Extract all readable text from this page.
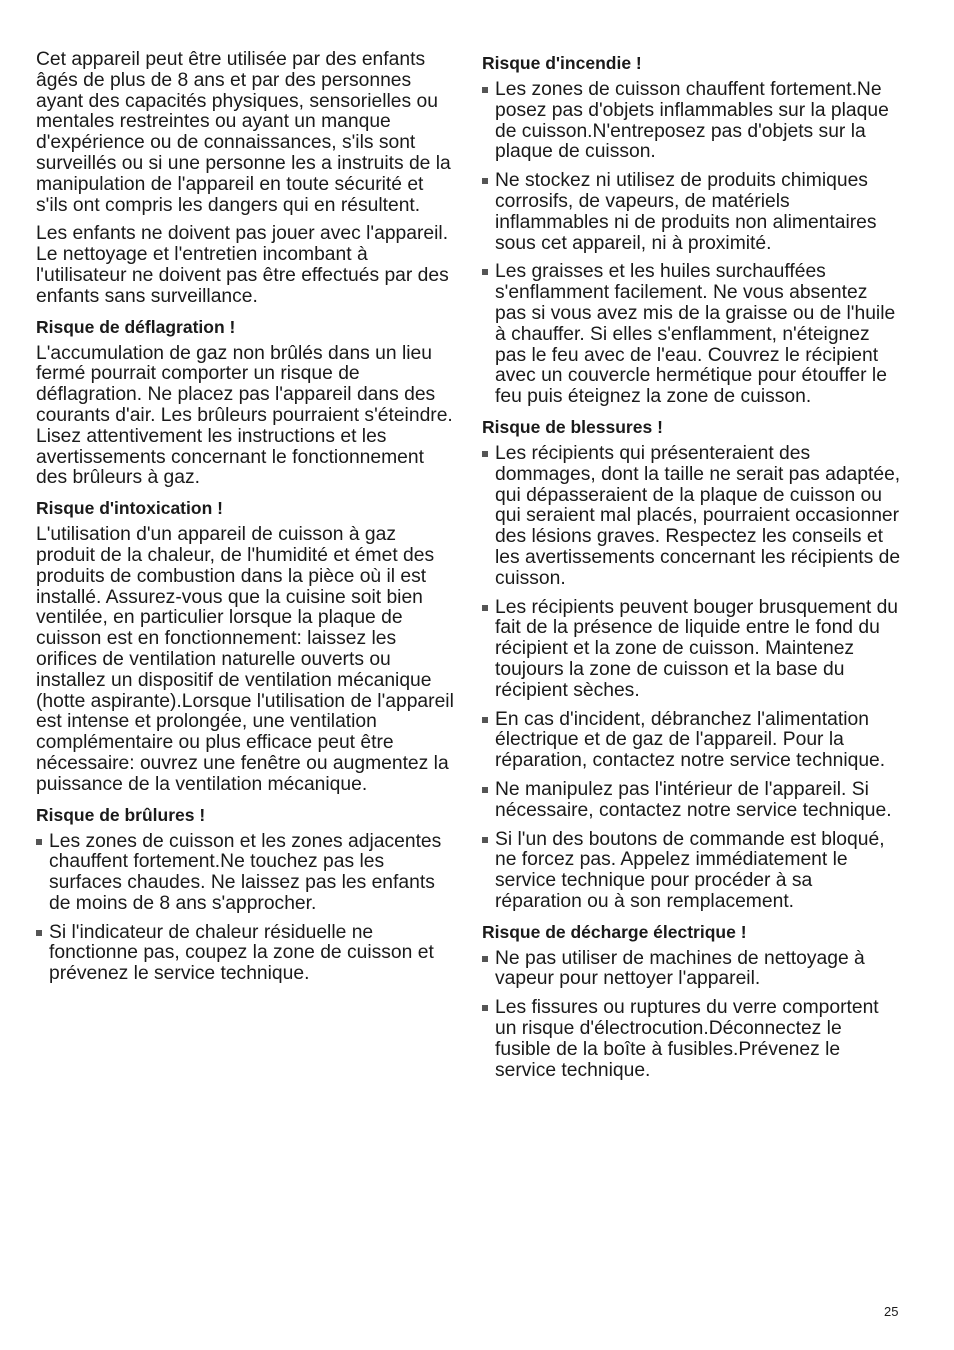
Cet appareil peut être utilisée par des enfants âgés de plus de 8 ans et par des personnes ayant des capacités physiques, sensorielles ou mentales restreintes ou ayant un manque d'expérience ou de connaissances, s'ils sont surveillés ou si une personne les a instruits de la manipulation de l'appareil en toute sécurité et s'ils ont compris les dangers qui en résultent.

Les enfants ne doivent pas jouer avec l'appareil. Le nettoyage et l'entretien incombant à l'utilisateur ne doivent pas être effectués par des enfants sans surveillance.

Risque de déflagration !

L'accumulation de gaz non brûlés dans un lieu fermé pourrait comporter un risque de déflagration. Ne placez pas l'appareil dans des courants d'air. Les brûleurs pourraient s'éteindre. Lisez attentivement les instructions et les avertissements concernant le fonctionnement des brûleurs à gaz.

Risque d'intoxication !

L'utilisation d'un appareil de cuisson à gaz produit de la chaleur, de l'humidité et émet des produits de combustion dans la pièce où il est installé. Assurez-vous que la cuisine soit bien ventilée, en particulier lorsque la plaque de cuisson est en fonctionnement: laissez les orifices de ventilation naturelle ouverts ou installez un dispositif de ventilation mécanique (hotte aspirante).Lorsque l'utilisation de l'appareil est intense et prolongée, une ventilation complémentaire ou plus efficace peut être nécessaire: ouvrez une fenêtre ou augmentez la puissance de la ventilation mécanique.

Risque de brûlures !
Les zones de cuisson et les zones adjacentes chauffent fortement.Ne touchez pas les surfaces chaudes. Ne laissez pas les enfants de moins de 8 ans s'approcher.
Si l'indicateur de chaleur résiduelle ne fonctionne pas, coupez la zone de cuisson et prévenez le service technique.
Risque d'incendie !
Les zones de cuisson chauffent fortement.Ne posez pas d'objets inflammables sur la plaque de cuisson.N'entreposez pas d'objets sur la plaque de cuisson.
Ne stockez ni utilisez de produits chimiques corrosifs, de vapeurs, de matériels inflammables ni de produits non alimentaires sous cet appareil, ni à proximité.
Les graisses et les huiles surchauffées s'enflamment facilement. Ne vous absentez pas si vous avez mis de la graisse ou de l'huile à chauffer. Si elles s'enflamment, n'éteignez pas le feu avec de l'eau. Couvrez le récipient avec un couvercle hermétique pour étouffer le feu puis éteignez la zone de cuisson.
Risque de blessures !
Les récipients qui présenteraient des dommages, dont la taille ne serait pas adaptée, qui dépasseraient de la plaque de cuisson ou qui seraient mal placés, pourraient occasionner des lésions graves. Respectez les conseils et les avertissements concernant les récipients de cuisson.
Les récipients peuvent bouger brusquement du fait de la présence de liquide entre le fond du récipient et la zone de cuisson. Maintenez toujours la zone de cuisson et la base du récipient sèches.
En cas d'incident, débranchez l'alimentation électrique et de gaz de l'appareil. Pour la réparation, contactez notre service technique.
Ne manipulez pas l'intérieur de l'appareil. Si nécessaire, contactez notre service technique.
Si l'un des boutons de commande est bloqué, ne forcez pas. Appelez immédiatement le service technique pour procéder à sa réparation ou à son remplacement.
Risque de décharge électrique !
Ne pas utiliser de machines de nettoyage à vapeur pour nettoyer l'appareil.
Les fissures ou ruptures du verre comportent un risque d'électrocution.Déconnectez le fusible de la boîte à fusibles.Prévenez le service technique.
25
